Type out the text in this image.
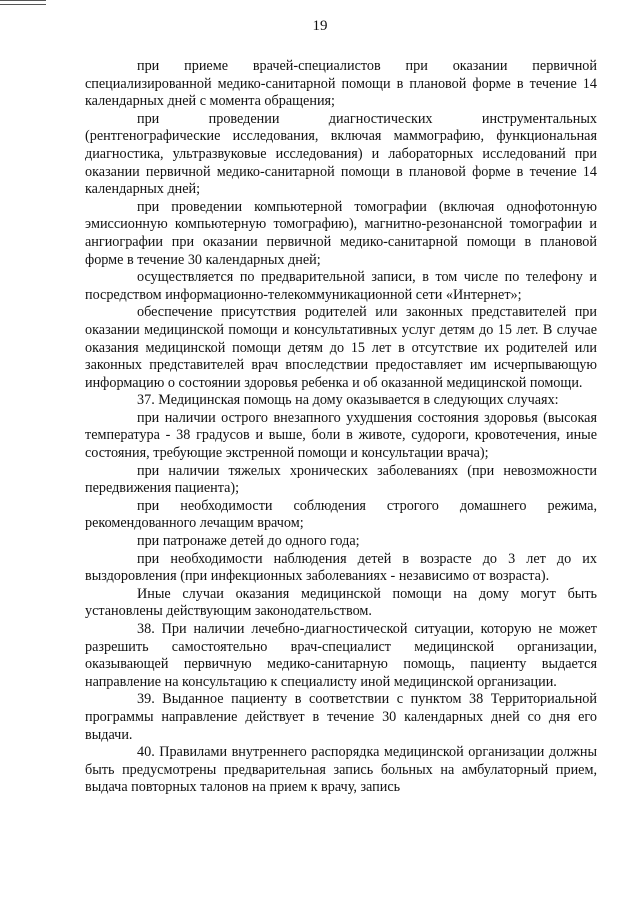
19

при приеме врачей-специалистов при оказании первичной специализированной медико-санитарной помощи в плановой форме в течение 14 календарных дней с момента обращения;

при проведении диагностических инструментальных (рентгенографические исследования, включая маммографию, функциональная диагностика, ультразвуковые исследования) и лабораторных исследований при оказании первичной медико-санитарной помощи в плановой форме в течение 14 календарных дней;

при проведении компьютерной томографии (включая однофотонную эмиссионную компьютерную томографию), магнитно-резонансной томографии и ангиографии при оказании первичной медико-санитарной помощи в плановой форме в течение 30 календарных дней;

осуществляется по предварительной записи, в том числе по телефону и посредством информационно-телекоммуникационной сети «Интернет»;

обеспечение присутствия родителей или законных представителей при оказании медицинской помощи и консультативных услуг детям до 15 лет. В случае оказания медицинской помощи детям до 15 лет в отсутствие их родителей или законных представителей врач впоследствии предоставляет им исчерпывающую информацию о состоянии здоровья ребенка и об оказанной медицинской помощи.

37. Медицинская помощь на дому оказывается в следующих случаях:

при наличии острого внезапного ухудшения состояния здоровья (высокая температура - 38 градусов и выше, боли в животе, судороги, кровотечения, иные состояния, требующие экстренной помощи и консультации врача);

при наличии тяжелых хронических заболеваниях (при невозможности передвижения пациента);

при необходимости соблюдения строгого домашнего режима, рекомендованного лечащим врачом;

при патронаже детей до одного года;

при необходимости наблюдения детей в возрасте до 3 лет до их выздоровления (при инфекционных заболеваниях - независимо от возраста).

Иные случаи оказания медицинской помощи на дому могут быть установлены действующим законодательством.

38. При наличии лечебно-диагностической ситуации, которую не может разрешить самостоятельно врач-специалист медицинской организации, оказывающей первичную медико-санитарную помощь, пациенту выдается направление на консультацию к специалисту иной медицинской организации.

39. Выданное пациенту в соответствии с пунктом 38 Территориальной программы направление действует в течение 30 календарных дней со дня его выдачи.

40. Правилами внутреннего распорядка медицинской организации должны быть предусмотрены предварительная запись больных на амбулаторный прием, выдача повторных талонов на прием к врачу, запись
